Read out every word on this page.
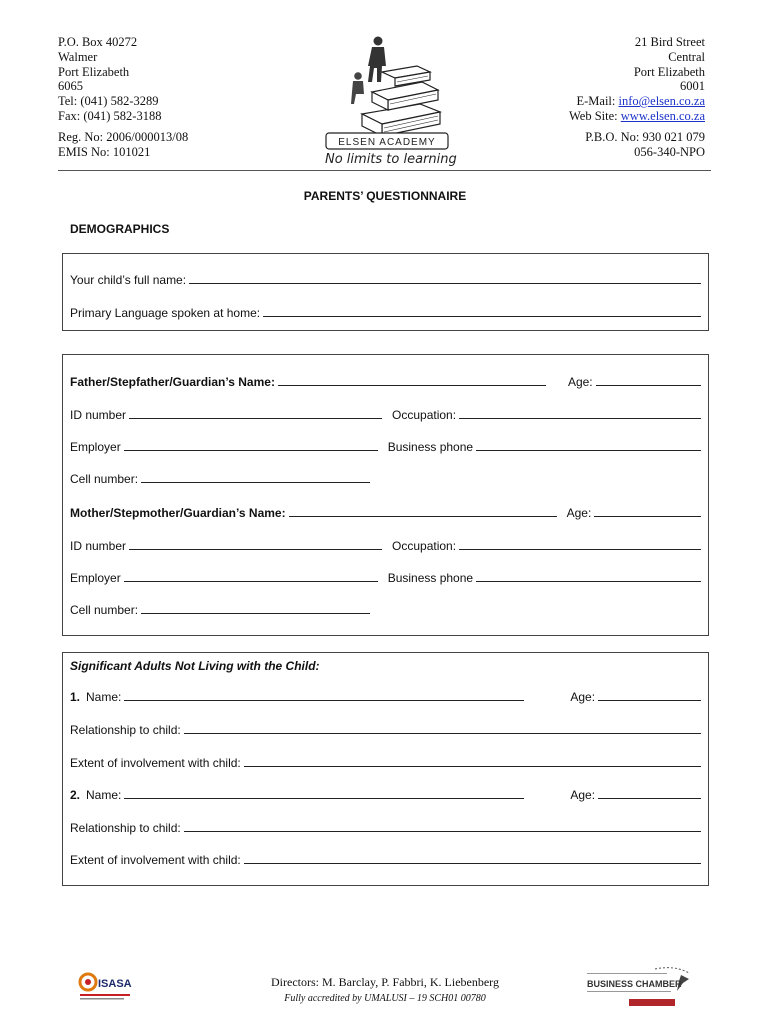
P.O. Box 40272
Walmer
Port Elizabeth
6065
Tel: (041) 582-3289
Fax: (041) 582-3188
Reg. No: 2006/000013/08
EMIS No: 101021
ELSEN ACADEMY
No limits to learning
21 Bird Street
Central
Port Elizabeth
6001
E-Mail: info@elsen.co.za
Web Site: www.elsen.co.za
P.B.O. No: 930 021 079
056-340-NPO
PARENTS’ QUESTIONNAIRE
DEMOGRAPHICS
Your child’s full name:
Primary Language spoken at home:
Father/Stepfather/Guardian’s Name:	Age:
ID number	Occupation:
Employer	Business phone
Cell number:
Mother/Stepmother/Guardian’s Name:	Age:
ID number	Occupation:
Employer	Business phone
Cell number:
Significant Adults Not Living with the Child:
1. Name:	Age:
Relationship to child:
Extent of involvement with child:
2. Name:	Age:
Relationship to child:
Extent of involvement with child:
ISASA	Directors: M. Barclay, P. Fabbri, K. Liebenberg
Fully accredited by UMALUSI – 19 SCH01 00780
BUSINESS CHAMBER
